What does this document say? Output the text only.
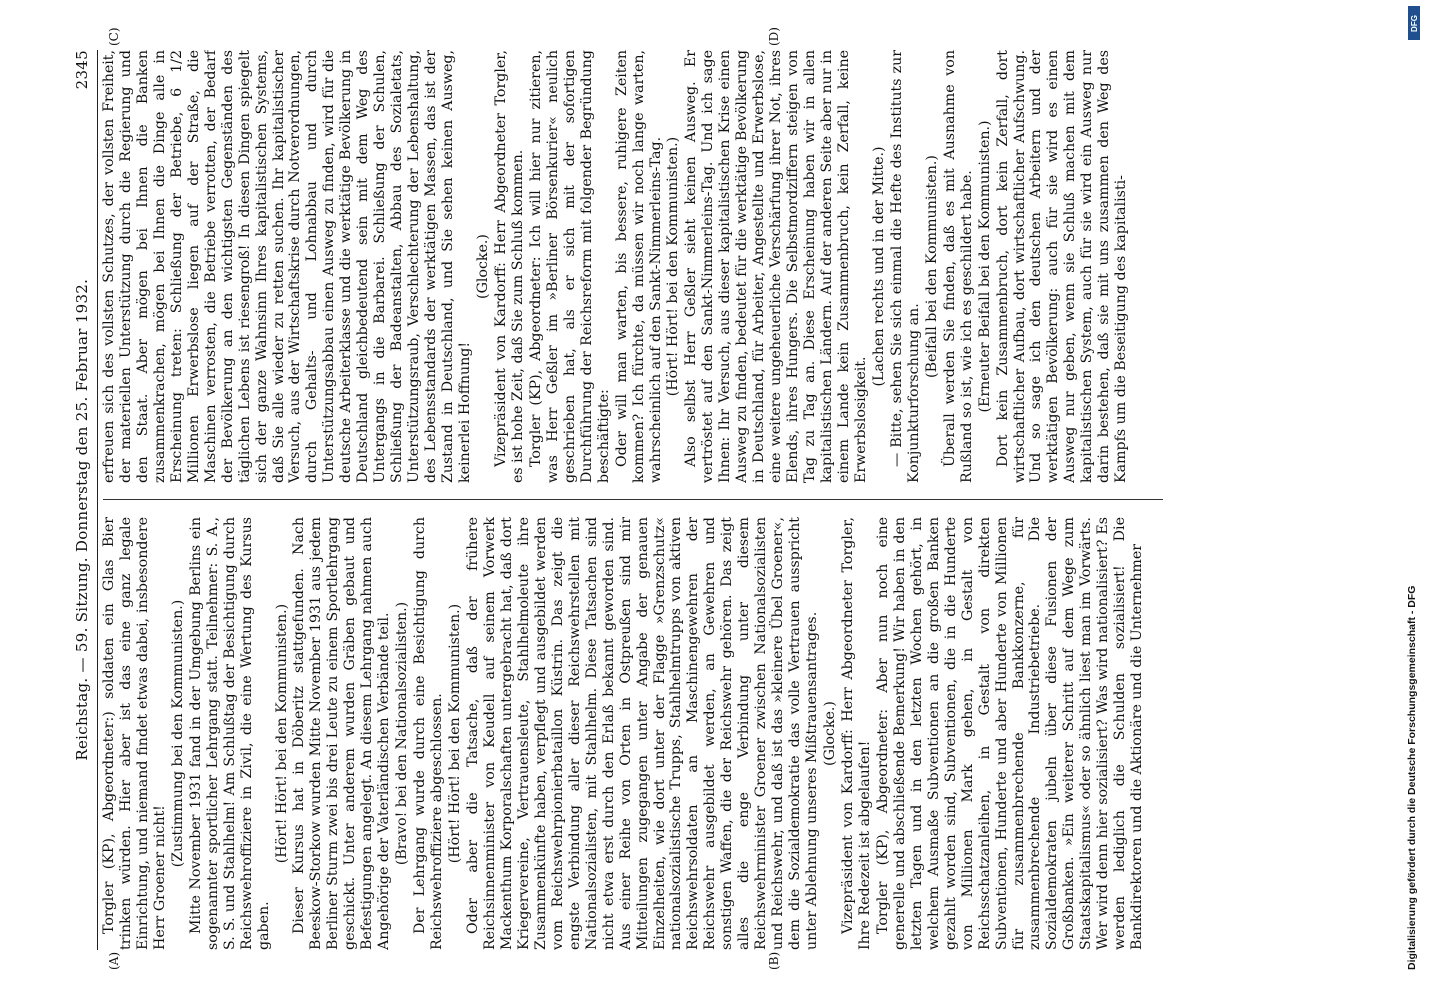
Reichstag. — 59. Sitzung. Donnerstag den 25. Februar 1932.
2345

Torgler (KP), Abgeordneter:) soldaten ein Glas Bier trinken würden. Hier aber ist das eine ganz legale Einrichtung, und niemand findet etwas dabei, insbesondere Herr Groener nicht!

(Zustimmung bei den Kommunisten.) Mitte November 1931 fand in der Umgebung Berlins ein sogenannter sportlicher Lehrgang statt. Teilnehmer: S. A., S. S. und Stahlhelm! Am Schlußtag der Besichtigung durch Reichswehroffiziere in Zivil, die eine Wertung des Kursus gaben.

(Hört! Hört! bei den Kommunisten.) Dieser Kursus hat in Döberitz stattgefunden. Nach Beeskow-Storkow wurden Mitte November 1931 aus jedem Berliner Sturm zwei bis drei Leute zu einem Sportlehrgang geschickt. Unter anderem wurden Gräben gebaut und Befestigungen angelegt. An diesem Lehrgang nahmen auch Angehörige der Vaterländischen Verbände teil. (Bravo! bei den Nationalsozialisten.) Der Lehrgang wurde durch eine Besichtigung durch Reichswehroffiziere abgeschlossen. (Hört! Hört! bei den Kommunisten.) Oder aber die Tatsache, daß der frühere Reichsinnenminister von Keudell auf seinem Vorwerk Mackenthum Korporalschaften untergebracht hat, daß dort Kriegervereine, Vertrauensleute, Stahlhelmoleute ihre Zusammenkünfte haben, verpflegt und ausgebildet werden vom Reichswehrpionierbataillon Küstrin. Das zeigt die engste Verbindung aller dieser Reichswehrstellen mit Nationalsozialisten, mit Stahlhelm. Diese Tatsachen sind nicht etwa erst durch den Erlaß bekannt geworden sind. Aus einer Reihe von Orten in Ostpreußen sind mir Mitteilungen zugegangen unter Angabe der genauen Einzelheiten, wie dort unter der Flagge »Grenzschutz« nationalsozialistische Trupps, Stahlhelmtrupps von aktiven Reichswehrsoldaten an Maschinengewehren der Reichswehr ausgebildet werden, an Gewehren und sonstigen Waffen, die der Reichswehr gehören. Das zeigt alles die enge Verbindung unter diesem Reichswehrminister Groener zwischen Nationalsozialisten und Reichswehr, und daß ist das »kleinere Übel Groener«, dem die Sozialdemokratie das volle Vertrauen ausspricht unter Ablehnung unseres Mißtrauensantrages. (Glocke.) Vizepräsident von Kardorff: Herr Abgeordneter Torgler, Ihre Redezeit ist abgelaufen! Torgler (KP), Abgeordneter: Aber nun noch eine generelle und abschließende Bemerkung! Wir haben in den letzten Tagen und in den letzten Wochen gehört, in welchem Ausmaße Subventionen an die großen Banken gezahlt worden sind, Subventionen, die in die Hunderte von Millionen Mark gehen, in Gestalt von Reichsschatzanleihen, in Gestalt von direkten Subventionen, Hunderte und aber Hunderte von Millionen für zusammenbrechende Bankkonzerne, für zusammenbrechende Industriebetriebe. Die Sozialdemokraten jubeln über diese Fusionen der Großbanken. »Ein weiterer Schritt auf dem Wege zum Staatskapitalismus« oder so ähnlich liest man im Vorwärts. Wer wird denn hier sozialisiert? Was wird nationalisiert? Es werden lediglich die Schulden sozialisiert! Die Bankdirektoren und die Aktionäre und die Unternehmer

erfreuen sich des vollsten Schutzes, der vollsten Freiheit, der materiellen Unterstützung durch die Regierung und den Staat. Aber mögen bei Ihnen die Banken zusammenkrachen, mögen bei Ihnen die Dinge alle in Erscheinung treten: Schließung der Betriebe, 6 1/2 Millionen Erwerbslose liegen auf der Straße, die Maschinen verrosten, die Betriebe verrotten, der Bedarf der Bevölkerung an den wichtigsten Gegenständen des täglichen Lebens ist riesengroß! In diesen Dingen spiegelt sich der ganze Wahnsinn Ihres kapitalistischen Systems, daß Sie alle wieder zu retten suchen. Ihr kapitalistischer Versuch, aus der Wirtschaftskrise durch Notverordnungen, durch Gehalts- und Lohnabbau und durch Unterstützungsabbau einen Ausweg zu finden, wird für die deutsche Arbeiterklasse und die werktätige Bevölkerung in Deutschland gleichbedeutend sein mit dem Weg des Untergangs in die Barbarei. Schließung der Schulen, Schließung der Badeanstalten, Abbau des Sozialetats, Unterstützungsraub, Verschlechterung der Lebenshaltung, des Lebensstandards der werktätigen Massen, das ist der Zustand in Deutschland, und Sie sehen keinen Ausweg, keinerlei Hoffnung!

(Glocke.) Vizepräsident von Kardorff: Herr Abgeordneter Torgler, es ist hohe Zeit, daß Sie zum Schluß kommen. Torgler (KP), Abgeordneter: Ich will hier nur zitieren, was Herr Geßler im »Berliner Börsenkurier« neulich geschrieben hat, als er sich mit der sofortigen Durchführung der Reichsreform mit folgender Begründung beschäftigte: Oder will man warten, bis bessere, ruhigere Zeiten kommen? Ich fürchte, da müssen wir noch lange warten, wahrscheinlich auf den Sankt-Nimmerleins-Tag. (Hört! Hört! bei den Kommunisten.) Also selbst Herr Geßler sieht keinen Ausweg. Er vertröstet auf den Sankt-Nimmerleins-Tag. Und ich sage Ihnen: Ihr Versuch, aus dieser kapitalistischen Krise einen Ausweg zu finden, bedeutet für die werktätige Bevölkerung in Deutschland, für Arbeiter, Angestellte und Erwerbslose, eine weitere ungeheuerliche Verschärfung ihrer Not, ihres Elends, ihres Hungers. Die Selbstmordziffern steigen von Tag zu Tag an. Diese Erscheinung haben wir in allen kapitalistischen Ländern. Auf der anderen Seite aber nur in einem Lande kein Zusammenbruch, kein Zerfall, keine Erwerbslosigkeit.

(Lachen rechts und in der Mitte.) — Bitte, sehen Sie sich einmal die Hefte des Instituts zur Konjunkturforschung an.

(Beifall bei den Kommunisten.) Überall werden Sie finden, daß es mit Ausnahme von Rußland so ist, wie ich es geschildert habe. (Erneuter Beifall bei den Kommunisten.) Dort kein Zusammenbruch, dort kein Zerfall, dort wirtschaftlicher Aufbau, dort wirtschaftlicher Aufschwung. Und so sage ich den deutschen Arbeitern und der werktätigen Bevölkerung: auch für sie wird es einen Ausweg nur geben, wenn sie Schluß machen mit dem kapitalistischen System, auch für sie wird ein Ausweg nur darin bestehen, daß sie mit uns zusammen den Weg des Kampfs um die Beseitigung des kapitalisti-

(A)	(B)
(C)	(D)
DFG
Digitalisierung gefördert durch die Deutsche Forschungsgemeinschaft - DFG
